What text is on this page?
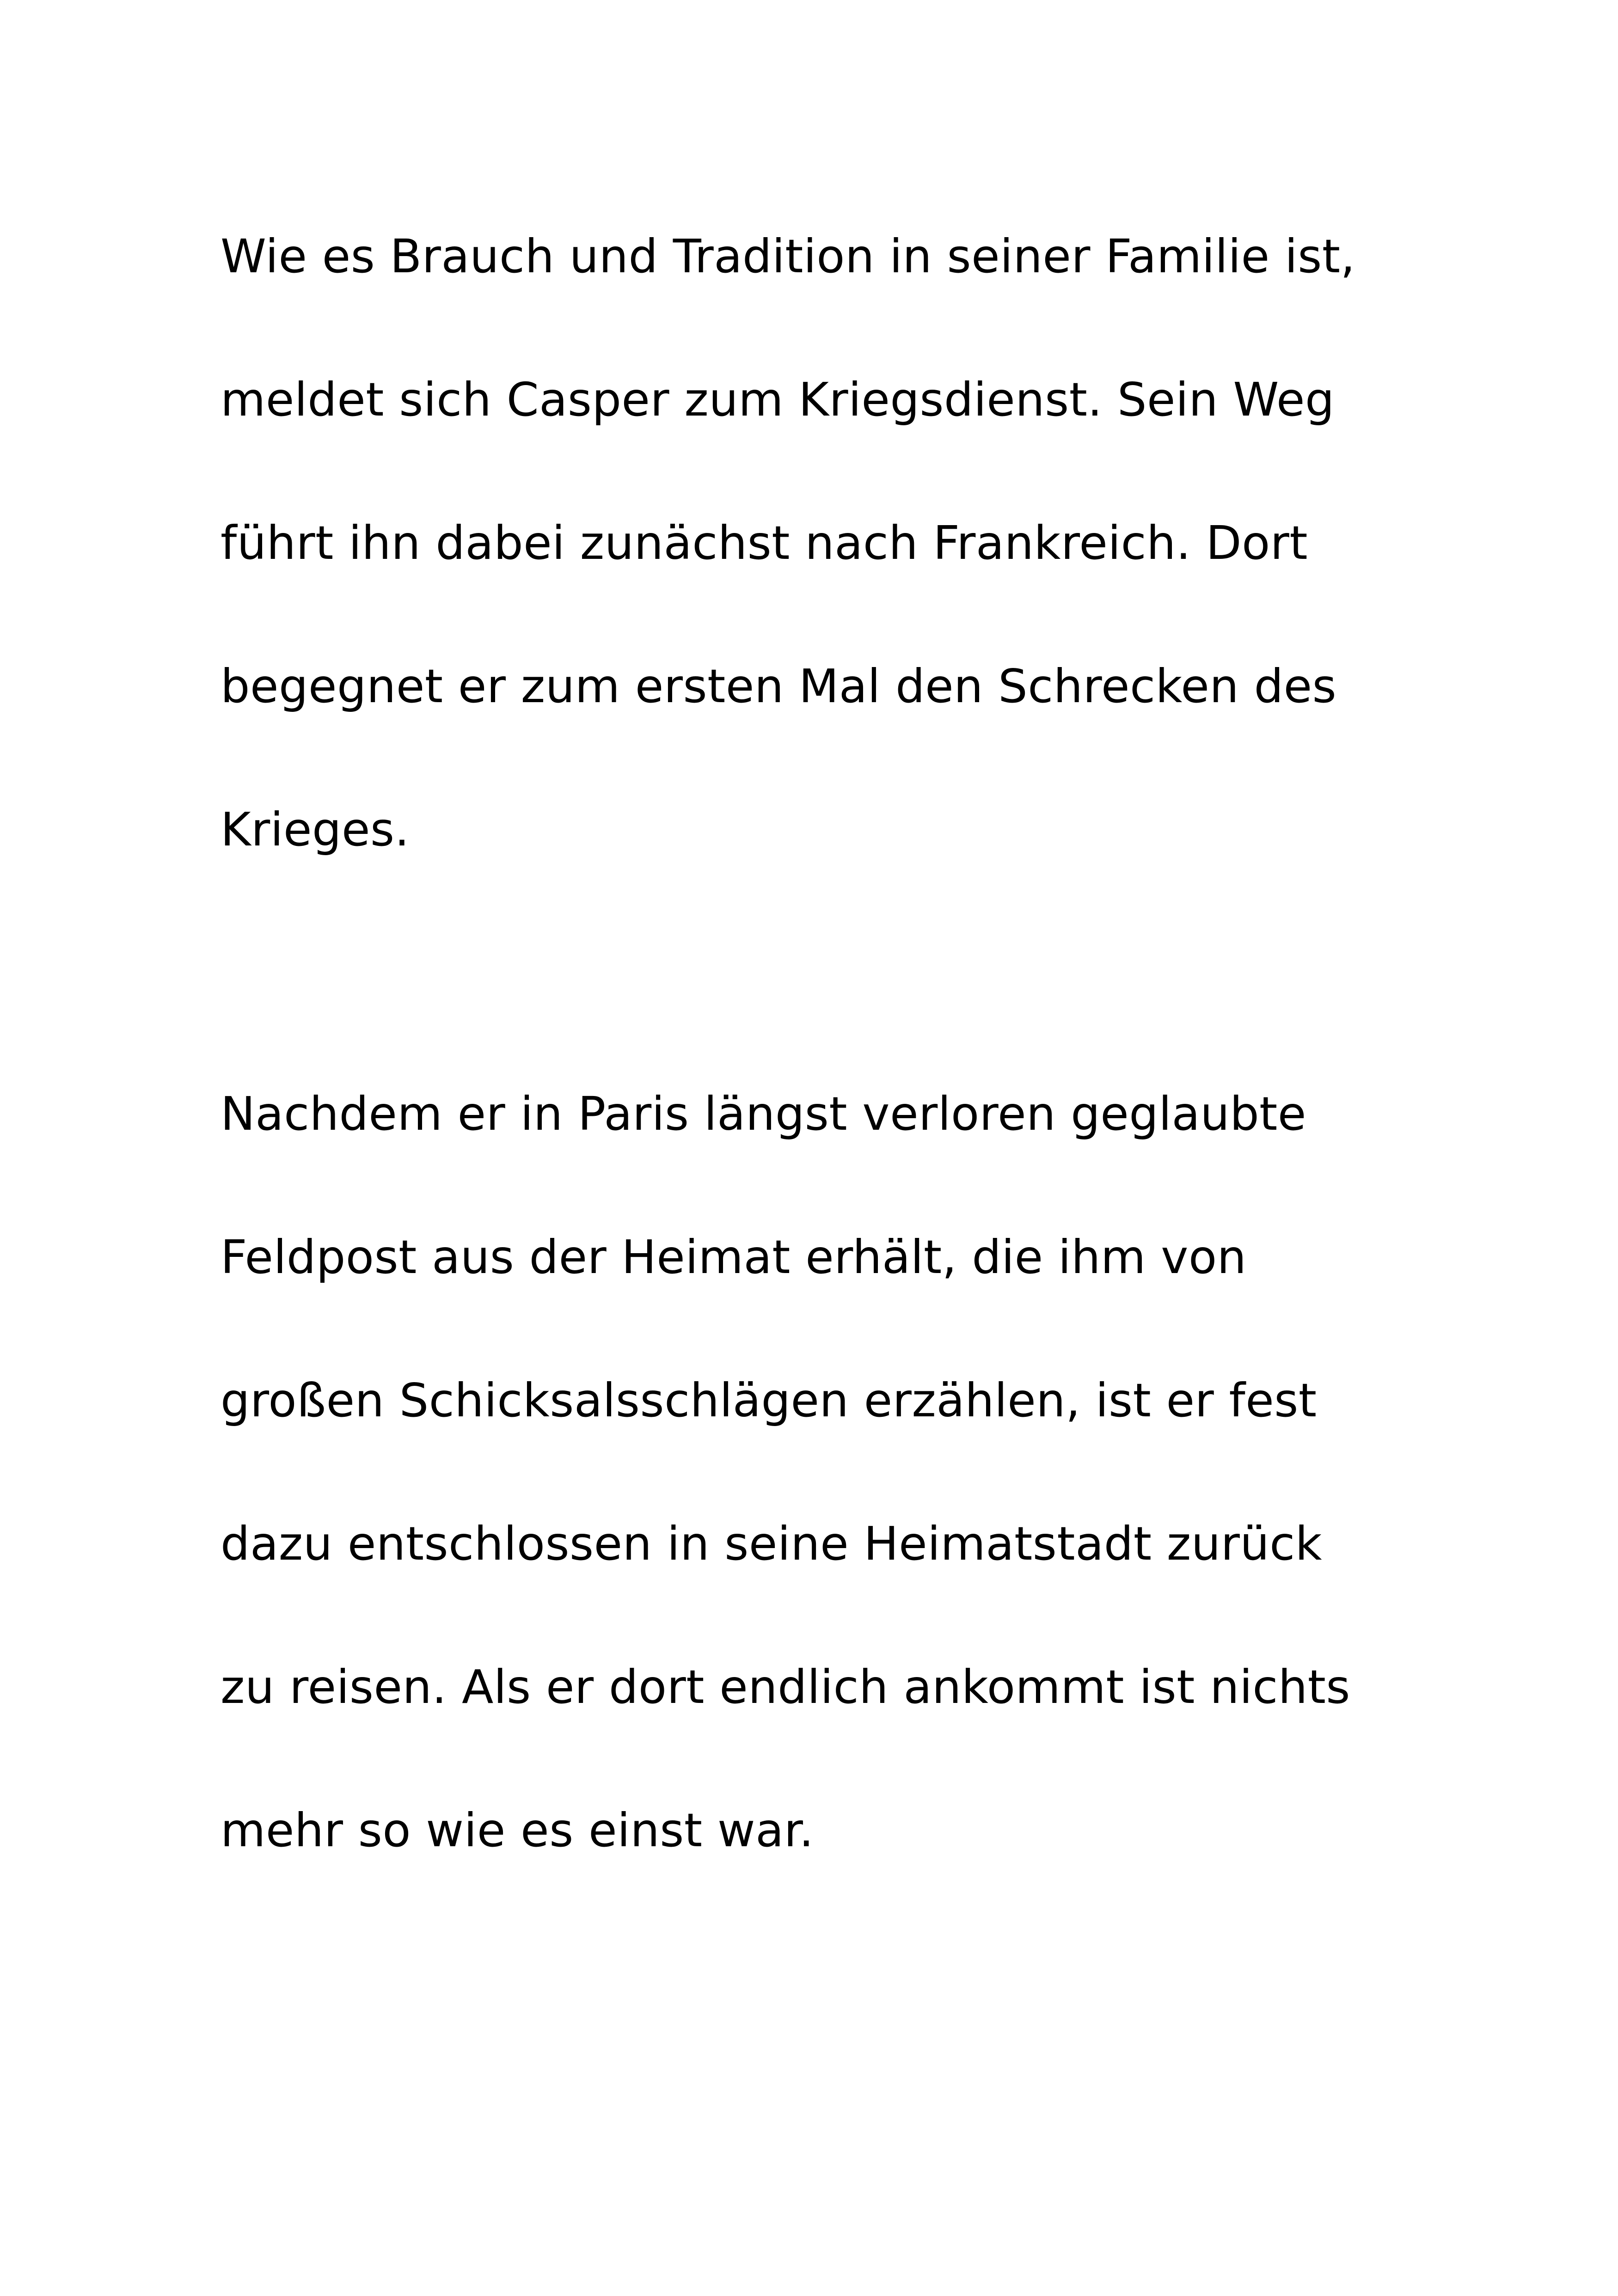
Wie es Brauch und Tradition in seiner Familie ist,

meldet sich Casper zum Kriegsdienst. Sein Weg

führt ihn dabei zunächst nach Frankreich. Dort

begegnet er zum ersten Mal den Schrecken des

Krieges.

Nachdem er in Paris längst verloren geglaubte

Feldpost aus der Heimat erhält, die ihm von

großen Schicksalsschlägen erzählen, ist er fest

dazu entschlossen in seine Heimatstadt zurück

zu reisen. Als er dort endlich ankommt ist nichts

mehr so wie es einst war.
